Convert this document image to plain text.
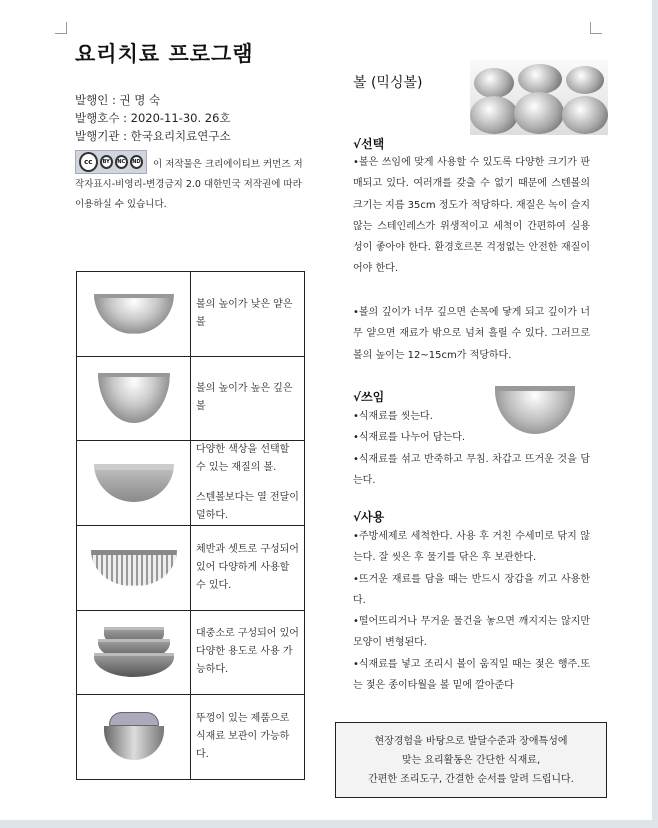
요리치료 프로그램
발행인 : 권 명 숙
발행호수 : 2020-11-30. 26호
발행기관 : 한국요리치료연구소
cc	BY	NC	ND	이 저작물은 크리에이티브 커먼즈 저작자표시-비영리-변경금지 2.0 대한민국 저작권에 따라 이용하실 수 있습니다.
	볼의 높이가 낮은 얕은볼

	볼의 높이가 높은 깊은 볼

	다양한 색상을 선택할 수 있는 재질의 볼.
스텐볼보다는 열 전달이 덜하다.

	체반과 셋트로 구성되어 있어 다양하게 사용할 수 있다.

	대중소로 구성되어 있어 다양한 용도로 사용 가능하다.

	뚜껑이 있는 제품으로 식재료 보관이 가능하다.
볼 (믹싱볼)
√선택
•볼은 쓰임에 맞게 사용할 수 있도록 다양한 크기가 판매되고 있다. 여러개를 갖출 수 없기 때문에 스텐볼의 크기는 지름 35cm 정도가 적당하다. 재질은 녹이 슬지 않는 스테인레스가 위생적이고 세척이 간편하여 실용성이 좋아야 한다. 환경호르몬 걱정없는 안전한 재질이어야 한다.
•볼의 깊이가 너무 깊으면 손목에 닿게 되고 깊이가 너무 얕으면 재료가 밖으로 넘쳐 흘릴 수 있다. 그러므로 볼의 높이는 12~15cm가 적당하다.
√쓰임
•식재료를 씻는다.
•식재료를 나누어 담는다.
•식재료를 섞고 반죽하고 무침. 차갑고 뜨거운 것을 담는다.
√사용
•주방세제로 세척한다. 사용 후 거친 수세미로 닦지 않는다. 잘 씻은 후 물기를 닦은 후 보관한다.
•뜨거운 재료를 담을 때는 반드시 장갑을 끼고 사용한다.
•떨어뜨리거나 무거운 물건을 놓으면 깨지지는 않지만 모양이 변형된다.
•식재료를 넣고 조리시 볼이 움직일 때는 젖은 행주.또는 젖은 종이타월을 볼 밑에 깔아준다
현장경험을 바탕으로 발달수준과 장애특성에
맞는 요리활동은 간단한 식재료,
간편한 조리도구, 간결한 순서를 알려 드립니다.
